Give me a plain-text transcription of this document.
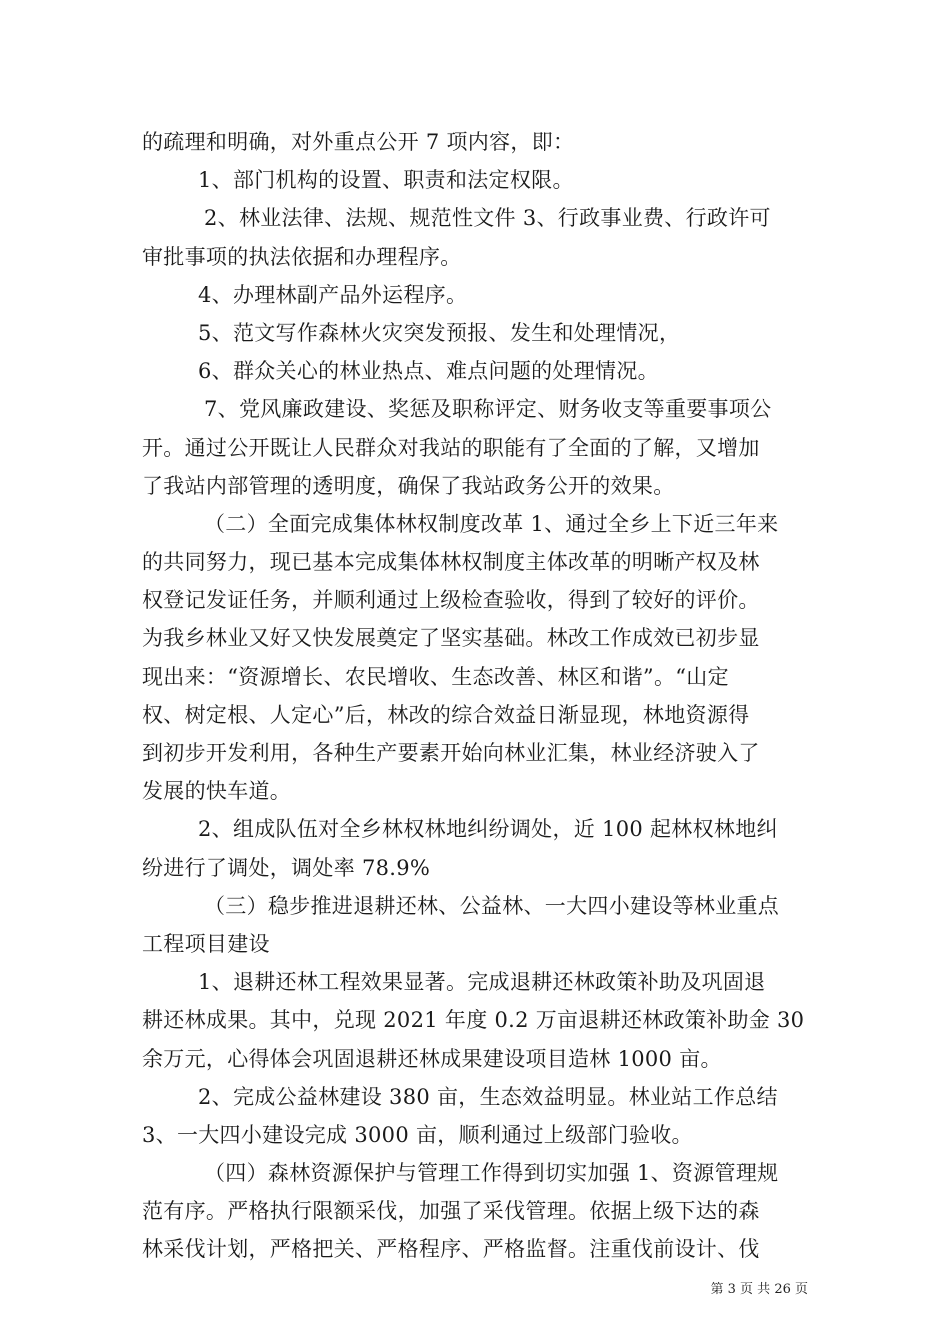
的疏理和明确，对外重点公开 7 项内容，即：
1、部门机构的设置、职责和法定权限。
2、林业法律、法规、规范性文件 3、行政事业费、行政许可
审批事项的执法依据和办理程序。
4、办理林副产品外运程序。
5、范文写作森林火灾突发预报、发生和处理情况，
6、群众关心的林业热点、难点问题的处理情况。
7、党风廉政建设、奖惩及职称评定、财务收支等重要事项公
开。通过公开既让人民群众对我站的职能有了全面的了解，又增加
了我站内部管理的透明度，确保了我站政务公开的效果。
（二）全面完成集体林权制度改革 1、通过全乡上下近三年来
的共同努力，现已基本完成集体林权制度主体改革的明晰产权及林
权登记发证任务，并顺利通过上级检查验收，得到了较好的评价。
为我乡林业又好又快发展奠定了坚实基础。林改工作成效已初步显
现出来：“资源增长、农民增收、生态改善、林区和谐”。“山定
权、树定根、人定心”后，林改的综合效益日渐显现，林地资源得
到初步开发利用，各种生产要素开始向林业汇集，林业经济驶入了
发展的快车道。
2、组成队伍对全乡林权林地纠纷调处，近 100 起林权林地纠
纷进行了调处，调处率 78.9%
（三）稳步推进退耕还林、公益林、一大四小建设等林业重点
工程项目建设
1、退耕还林工程效果显著。完成退耕还林政策补助及巩固退
耕还林成果。其中，兑现 2021 年度 0.2 万亩退耕还林政策补助金 30
余万元，心得体会巩固退耕还林成果建设项目造林 1000 亩。
2、完成公益林建设 380 亩，生态效益明显。林业站工作总结
3、一大四小建设完成 3000 亩，顺利通过上级部门验收。
（四）森林资源保护与管理工作得到切实加强 1、资源管理规
范有序。严格执行限额采伐，加强了采伐管理。依据上级下达的森
林采伐计划，严格把关、严格程序、严格监督。注重伐前设计、伐
第 3 页 共 26 页
